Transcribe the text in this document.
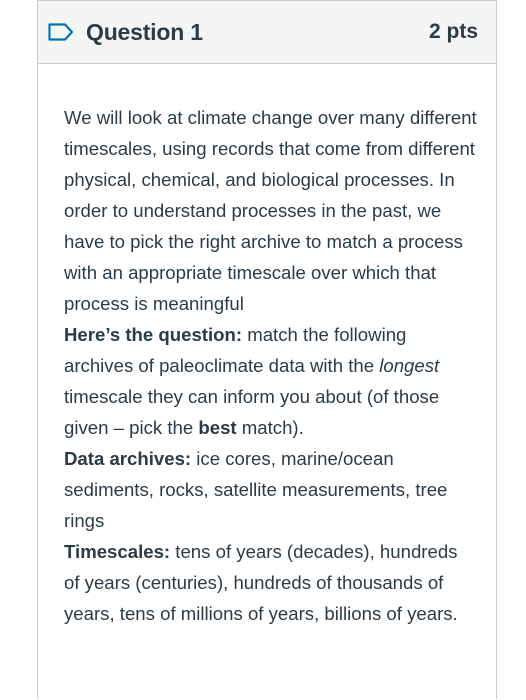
Question 1	2 pts

We will look at climate change over many different timescales, using records that come from different physical, chemical, and biological processes. In order to understand processes in the past, we have to pick the right archive to match a process with an appropriate timescale over which that process is meaningful

Here’s the question: match the following archives of paleoclimate data with the longest timescale they can inform you about (of those given – pick the best match).

Data archives: ice cores, marine/ocean sediments, rocks, satellite measurements, tree rings

Timescales: tens of years (decades), hundreds of years (centuries), hundreds of thousands of years, tens of millions of years, billions of years.
